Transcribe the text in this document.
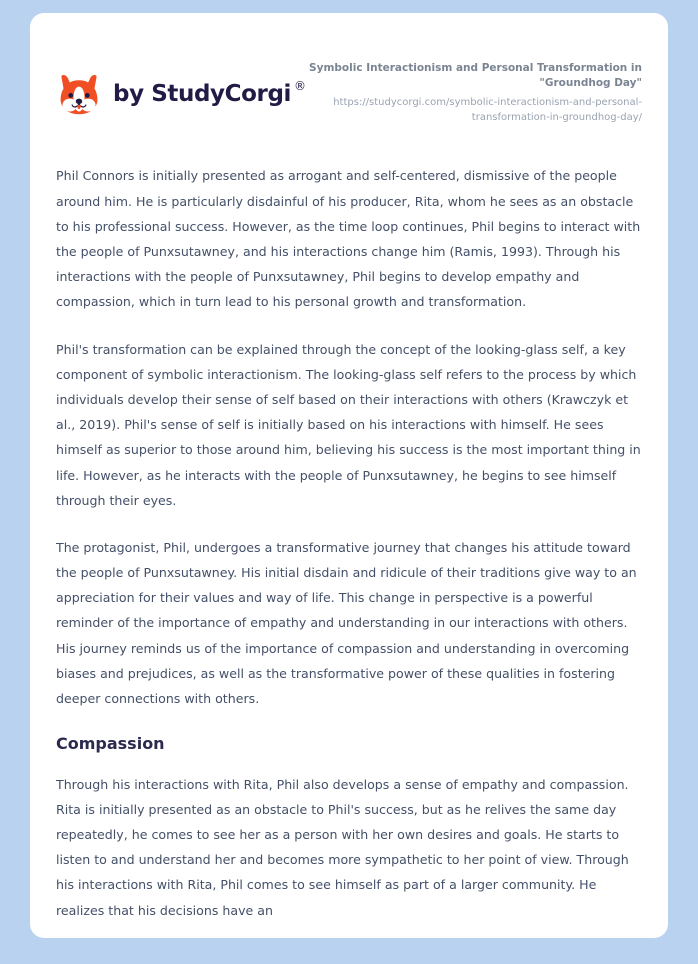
by StudyCorgi ®

Symbolic Interactionism and Personal Transformation in "Groundhog Day"

https://studycorgi.com/symbolic-interactionism-and-personal-transformation-in-groundhog-day/

Phil Connors is initially presented as arrogant and self-centered, dismissive of the people around him. He is particularly disdainful of his producer, Rita, whom he sees as an obstacle to his professional success. However, as the time loop continues, Phil begins to interact with the people of Punxsutawney, and his interactions change him (Ramis, 1993). Through his interactions with the people of Punxsutawney, Phil begins to develop empathy and compassion, which in turn lead to his personal growth and transformation.

Phil's transformation can be explained through the concept of the looking-glass self, a key component of symbolic interactionism. The looking-glass self refers to the process by which individuals develop their sense of self based on their interactions with others (Krawczyk et al., 2019). Phil's sense of self is initially based on his interactions with himself. He sees himself as superior to those around him, believing his success is the most important thing in life. However, as he interacts with the people of Punxsutawney, he begins to see himself through their eyes.

The protagonist, Phil, undergoes a transformative journey that changes his attitude toward the people of Punxsutawney. His initial disdain and ridicule of their traditions give way to an appreciation for their values and way of life. This change in perspective is a powerful reminder of the importance of empathy and understanding in our interactions with others. His journey reminds us of the importance of compassion and understanding in overcoming biases and prejudices, as well as the transformative power of these qualities in fostering deeper connections with others.

Compassion

Through his interactions with Rita, Phil also develops a sense of empathy and compassion. Rita is initially presented as an obstacle to Phil's success, but as he relives the same day repeatedly, he comes to see her as a person with her own desires and goals. He starts to listen to and understand her and becomes more sympathetic to her point of view. Through his interactions with Rita, Phil comes to see himself as part of a larger community. He realizes that his decisions have an
